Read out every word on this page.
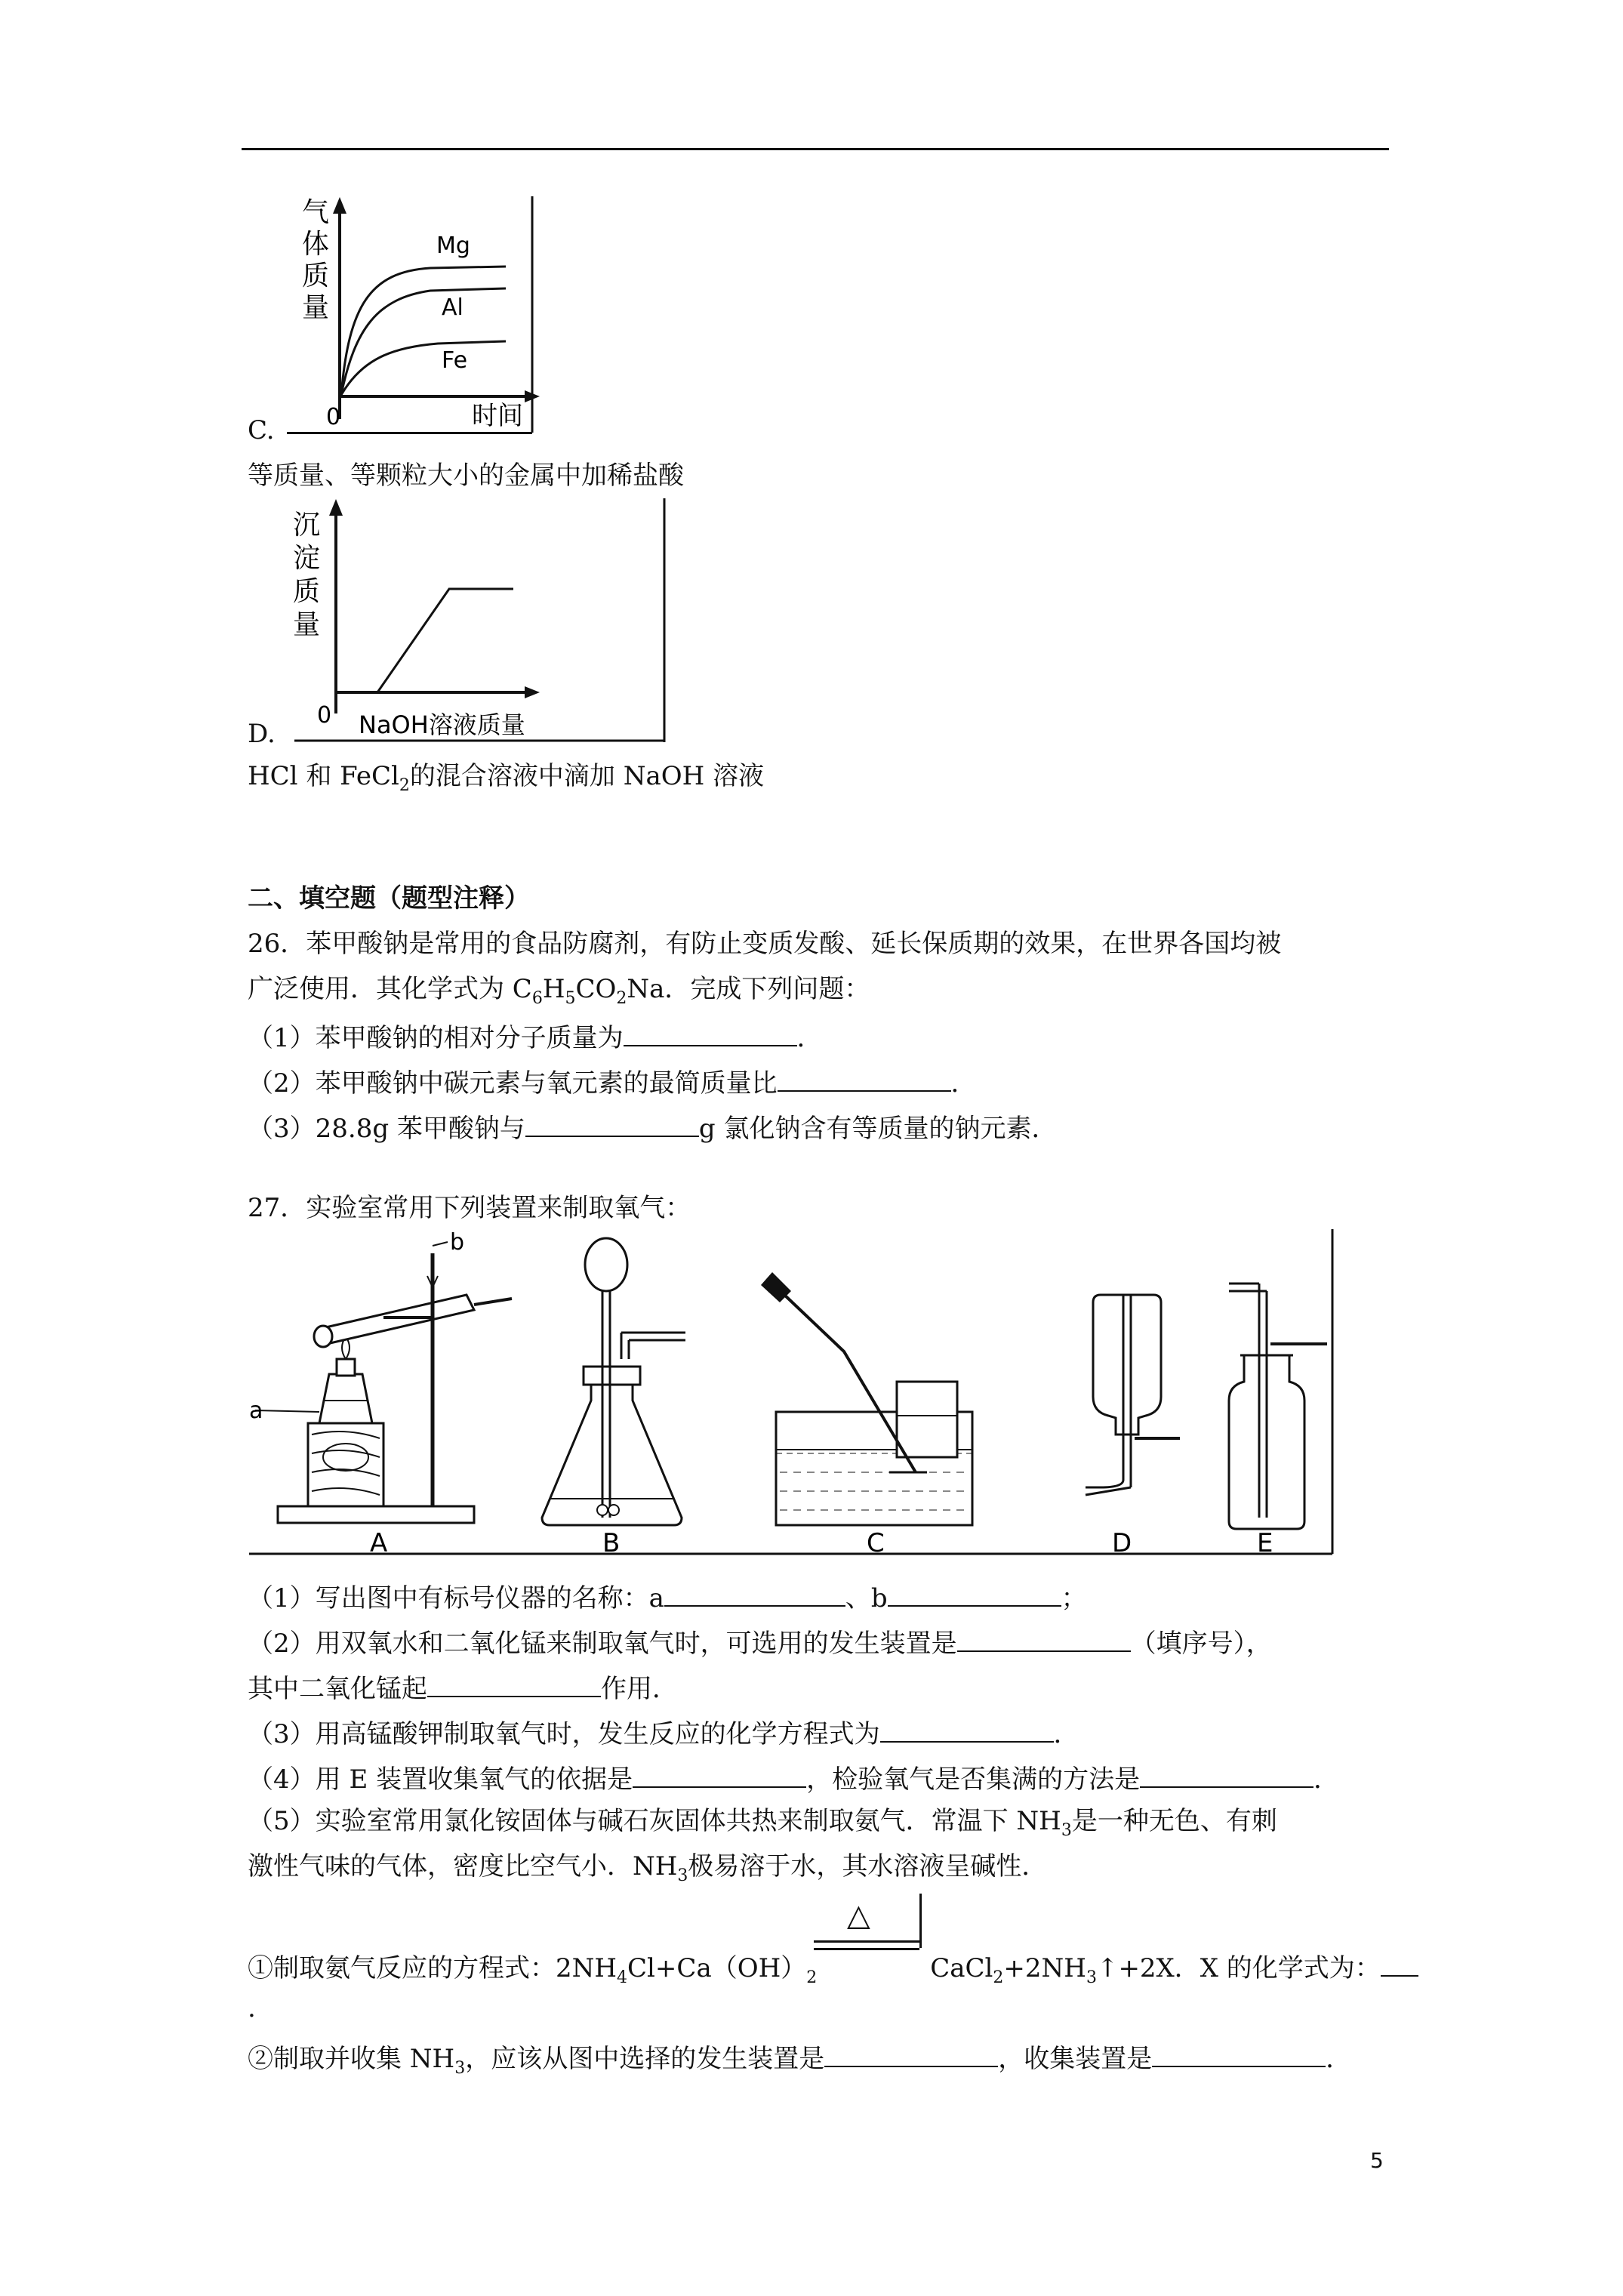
气
体
质
量
Mg
Al
Fe
0	时间
C.
等质量、等颗粒大小的金属中加稀盐酸
沉
淀
质
量
0 NaOH溶液质量
D.
HCl 和 FeCl$_2$的混合溶液中滴加 NaOH 溶液
二、填空题（题型注释）
26．苯甲酸钠是常用的食品防腐剂，有防止变质发酸、延长保质期的效果，在世界各国均被
广泛使用．其化学式为 $C_6H_5CO_2Na$．完成下列问题：
（1）苯甲酸钠的相对分子质量为	．
（2）苯甲酸钠中碳元素与氧元素的最简质量比	．
（3）28.8g 苯甲酸钠与	g 氯化钠含有等质量的钠元素．
27．实验室常用下列装置来制取氧气：
a
b
A	B	C	D	E
（1）写出图中有标号仪器的名称：a	、b	；
（2）用双氧水和二氧化锰来制取氧气时，可选用的发生装置是	（填序号），
其中二氧化锰起	作用．
（3）用高锰酸钾制取氧气时，发生反应的化学方程式为	．
（4）用 E 装置收集氧气的依据是	，检验氧气是否集满的方法是	．
（5）实验室常用氯化铵固体与碱石灰固体共热来制取氨气．常温下 $NH_3$是一种无色、有刺
激性气味的气体，密度比空气小．$NH_3$极易溶于水，其水溶液呈碱性．
△
①制取氨气反应的方程式：$2NH_4Cl+Ca(OH)_2$	$CaCl_2+2NH_3↑+2X$．X 的化学式为：
.
②制取并收集 $NH_3$，应该从图中选择的发生装置是	，收集装置是	．
5
